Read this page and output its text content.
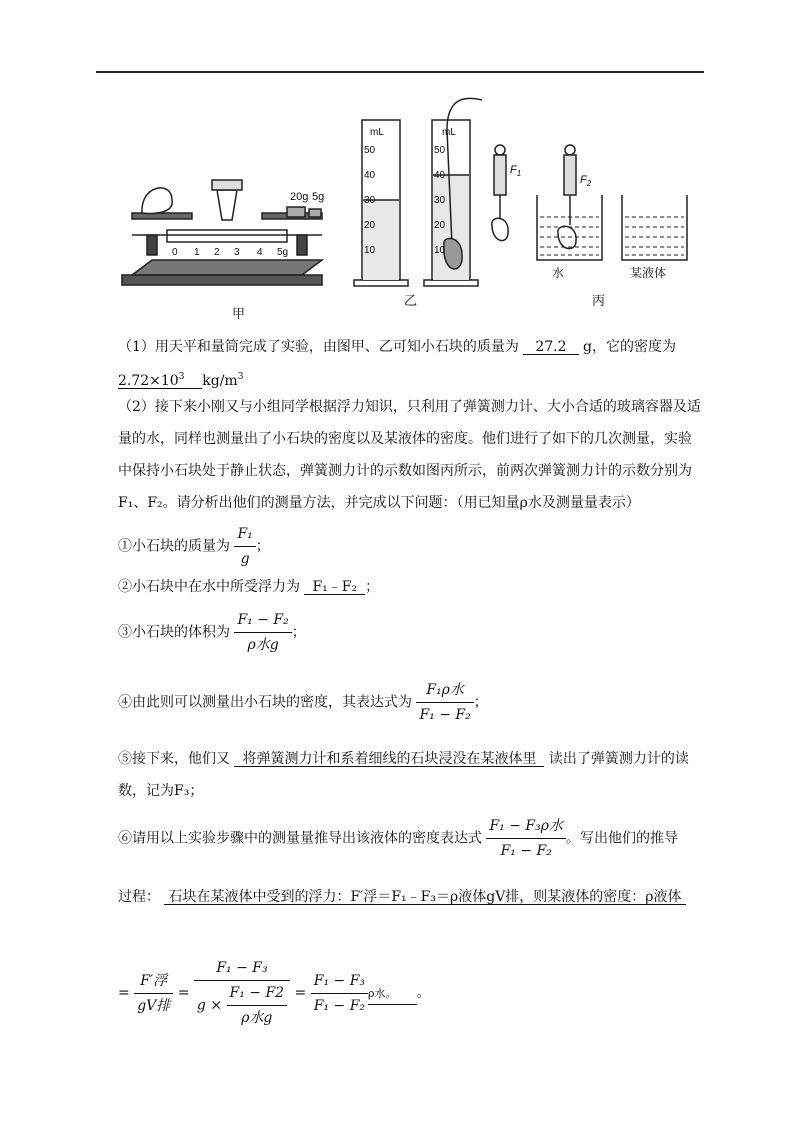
0 1 2 3 4 5g
20g 5g
mL
50
40
30
20
10
mL
50
40
30
20
10
$F_1$
$F_2$
水	某液体
甲
乙	丙
（1）用天平和量筒完成了实验，由图甲、乙可知小石块的质量为 27.2 g，它的密度为
$2.72\times 10^3$ $kg/m^3$
（2）接下来小刚又与小组同学根据浮力知识，只利用了弹簧测力计、大小合适的玻璃容器及适
量的水，同样也测量出了小石块的密度以及某液体的密度。他们进行了如下的几次测量，实验
中保持小石块处于静止状态，弹簧测力计的示数如图丙所示，前两次弹簧测力计的示数分别为
F₁、F₂。请分析出他们的测量方法，并完成以下问题：（用已知量ρ水及测量量表示）
①小石块的质量为 $\frac{\text{F₁}}{g}$ ；
②小石块中在水中所受浮力为 F₁﹣F₂ ；
③小石块的体积为 $\frac{\text{F₁ − F₂}}{\text{ρ水g}}$ ；
④由此则可以测量出小石块的密度，其表达式为 $\frac{\text{F₁ρ水}}{\text{F₁ − F₂}}$ ；
⑤接下来，他们又 将弹簧测力计和系着细线的石块浸没在某液体里 读出了弹簧测力计的读
数，记为F₃；
⑥请用以上实验步骤中的测量量推导出该液体的密度表达式 $\frac{\text{F₁ − F₃ρ水}}{\text{F₁ − F₂}}$ 。写出他们的推导
过程： 石块在某液体中受到的浮力：F′浮＝F₁﹣F₃＝ρ液体gV排，则某液体的密度：ρ液体
= $\frac{\text{F′浮}}{\text{gV排}} = \frac{\text{F₁ − F₃}}{g \times \frac{\text{F₁ − F2}}{\text{ρ水g}}} = \frac{\text{F₁ − F₃}}{\text{F₁ − F₂}}$ ρ水。 。
